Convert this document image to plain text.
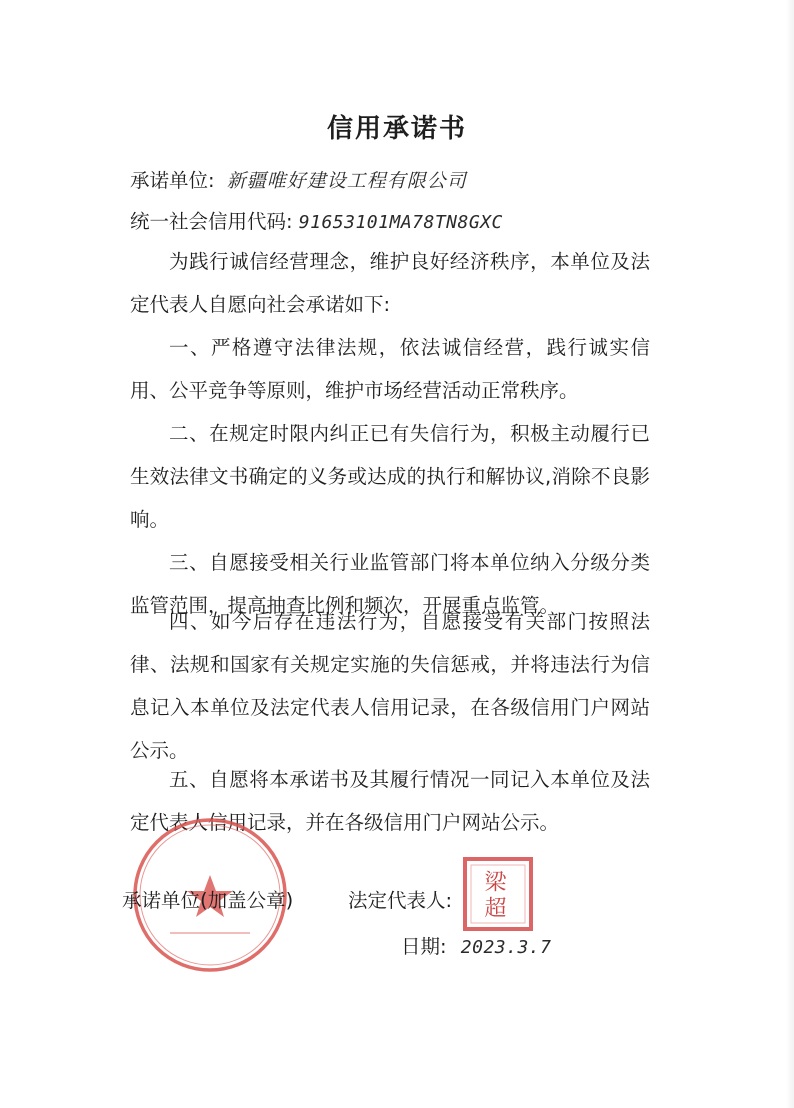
信用承诺书
承诺单位: 新疆唯好建设工程有限公司
统一社会信用代码: 91653101MA78TN8GXC
为践行诚信经营理念，维护良好经济秩序，本单位及法定代表人自愿向社会承诺如下:
一、严格遵守法律法规，依法诚信经营，践行诚实信用、公平竞争等原则，维护市场经营活动正常秩序。
二、在规定时限内纠正已有失信行为，积极主动履行已生效法律文书确定的义务或达成的执行和解协议,消除不良影响。
三、自愿接受相关行业监管部门将本单位纳入分级分类监管范围，提高抽查比例和频次，开展重点监管。
四、如今后存在违法行为，自愿接受有关部门按照法律、法规和国家有关规定实施的失信惩戒，并将违法行为信息记入本单位及法定代表人信用记录，在各级信用门户网站公示。
五、自愿将本承诺书及其履行情况一同记入本单位及法定代表人信用记录，并在各级信用门户网站公示。
承诺单位(加盖公章)	法定代表人: 梁超
日期: 2023.3.7
